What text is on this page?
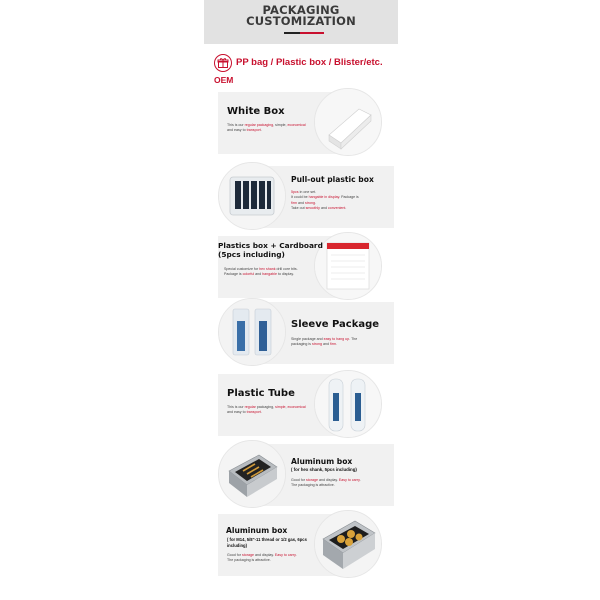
PACKAGING
CUSTOMIZATION
PP bag / Plastic box / Blister/etc.
OEM
White Box
This is our regular packaging, simple, economical
and easy to transport.
Pull-out plastic box
5pcs in one set.
It could be hangable in display. Package is
firm and strong.
Take out smoothly and convenient.
Plastics box + Cardboard
(5pcs including)
Special customize for hex shank drill core bits.
Package is colorful and hangable to display.
Sleeve Package
Single package and easy to hang up. The
packaging is strong and firm.
Plastic Tube
This is our regular packaging, simple, economical
and easy to transport.
Aluminum box
( for hex shank, 5pcs including)
Good for storage and display. Easy to carry.
The packaging is attractive.
Aluminum box
( for M14, 5/8"-11 thread or 1/2 gas, 6pcs including)
Good for storage and display. Easy to carry.
The packaging is attractive.
